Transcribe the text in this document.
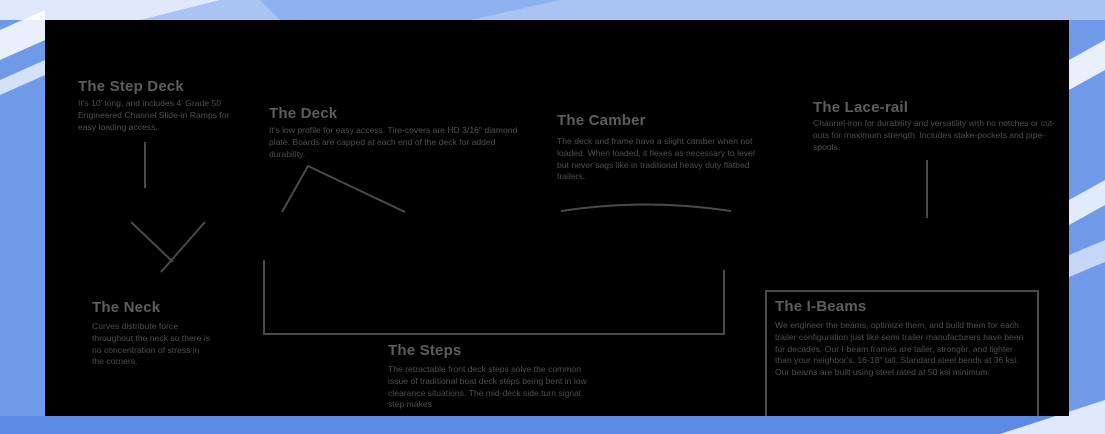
The Step Deck
It's 10' long, and includes 4' Grade 50 Engineered Channel Slide-in Ramps for easy loading access.
The Deck
It's low profile for easy access. Tire-covers are HD 3/16" diamond plate. Boards are capped at each end of the deck for added durability.
The Camber
The deck and frame have a slight camber when not loaded. When loaded, it flexes as necessary to level but never sags like in traditional heavy duty flatbed trailers.
The Lace-rail
Channel-iron for durability and versatility with no notches or cut-outs for maximum strength. Includes stake-pockets and pipe-spools.
The Neck
Curves distribute force throughout the neck so there is no concentration of stress in the corners.
The Steps
The retractable front deck steps solve the common issue of traditional boat deck steps being bent in low clearance situations. The mid-deck side turn signal step makes
The I-Beams
We engineer the beams, optimize them, and build them for each trailer configuration just like semi trailer manufacturers have been for decades. Our I-beam frames are taller, stronger, and lighter than your neighbor's. 16-18" tall. Standard steel bends at 36 ksi. Our beams are built using steel rated at 50 ksi minimum.
